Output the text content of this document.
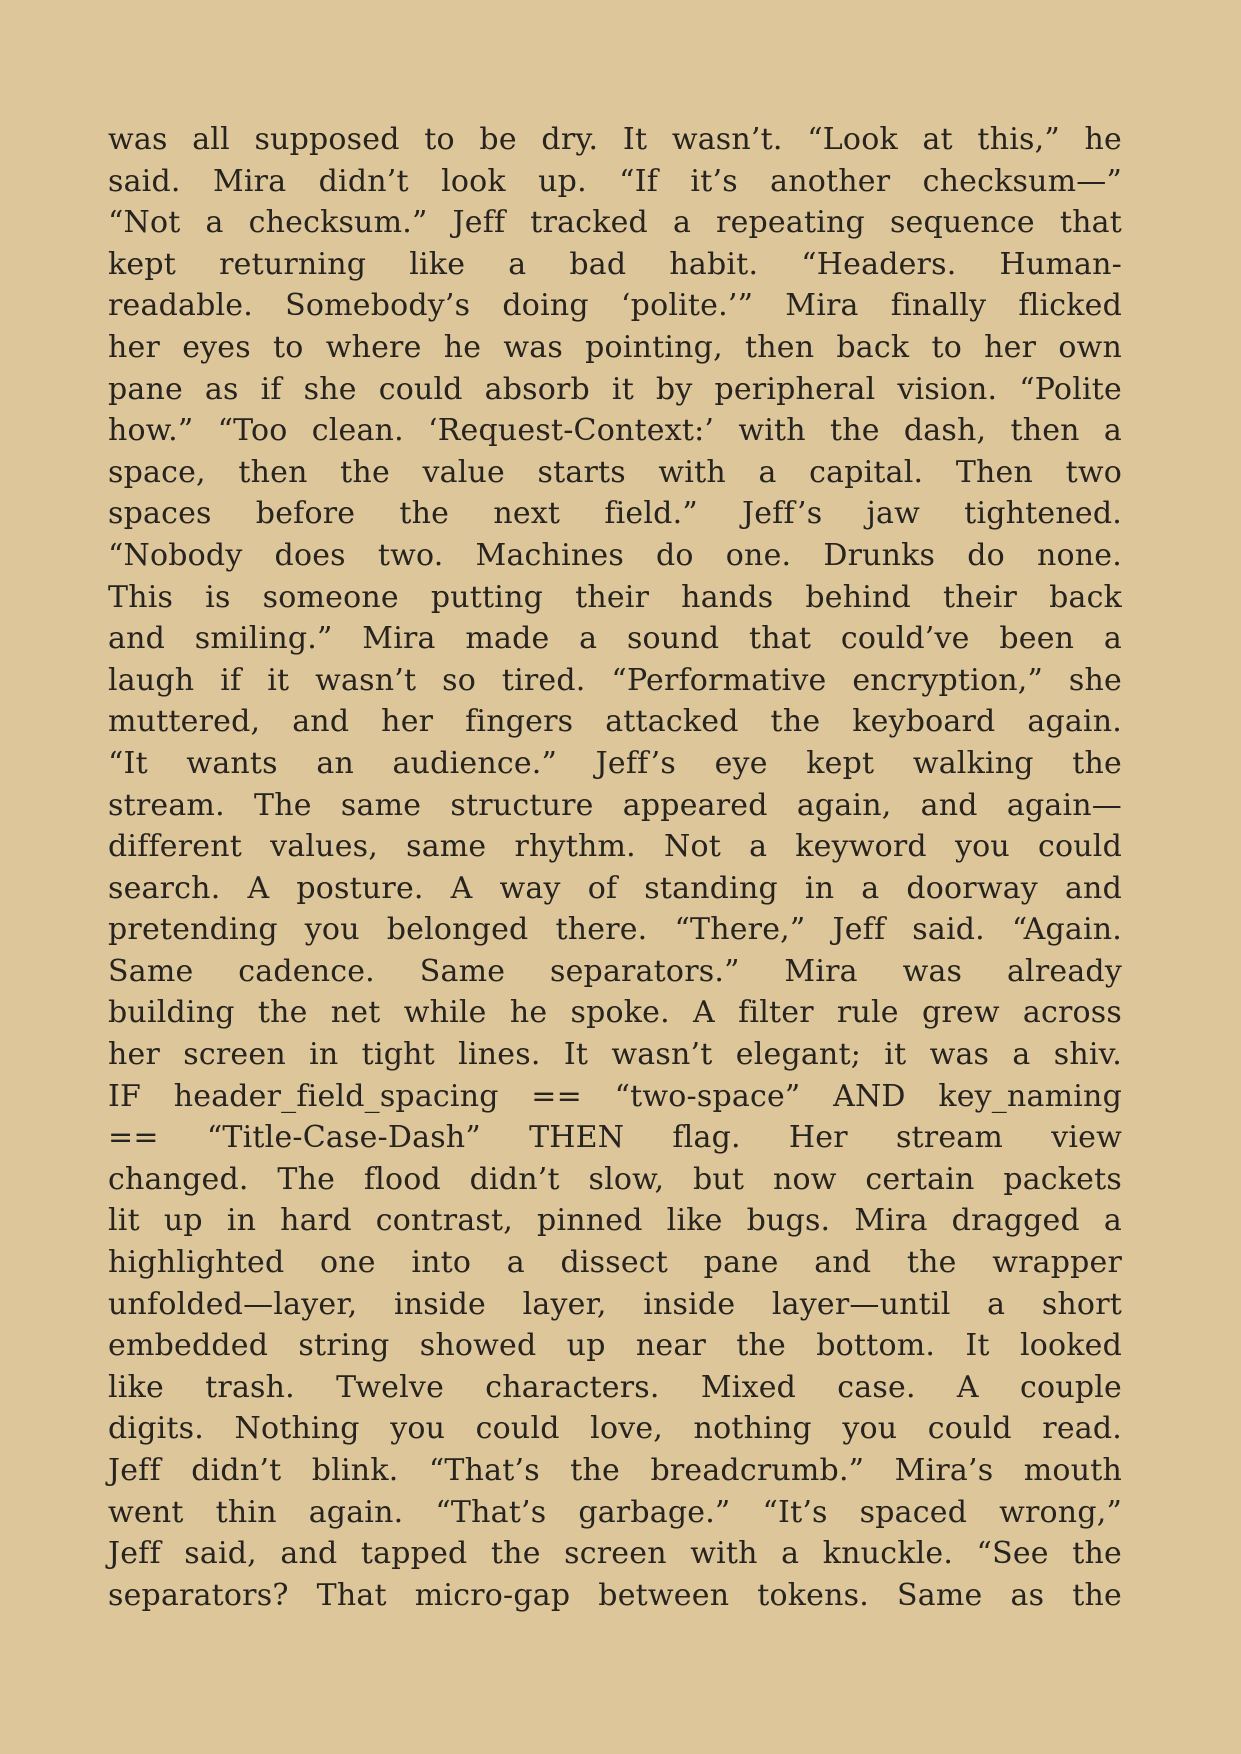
was all supposed to be dry. It wasn’t. “Look at this,” he
said. Mira didn’t look up. “If it’s another checksum—”
“Not a checksum.” Jeff tracked a repeating sequence that
kept returning like a bad habit. “Headers. Human-
readable. Somebody’s doing ‘polite.’” Mira finally flicked
her eyes to where he was pointing, then back to her own
pane as if she could absorb it by peripheral vision. “Polite
how.” “Too clean. ‘Request-Context:’ with the dash, then a
space, then the value starts with a capital. Then two
spaces before the next field.” Jeff’s jaw tightened.
“Nobody does two. Machines do one. Drunks do none.
This is someone putting their hands behind their back
and smiling.” Mira made a sound that could’ve been a
laugh if it wasn’t so tired. “Performative encryption,” she
muttered, and her fingers attacked the keyboard again.
“It wants an audience.” Jeff’s eye kept walking the
stream. The same structure appeared again, and again—
different values, same rhythm. Not a keyword you could
search. A posture. A way of standing in a doorway and
pretending you belonged there. “There,” Jeff said. “Again.
Same cadence. Same separators.” Mira was already
building the net while he spoke. A filter rule grew across
her screen in tight lines. It wasn’t elegant; it was a shiv.
IF header_field_spacing == “two-space” AND key_naming
== “Title-Case-Dash” THEN flag. Her stream view
changed. The flood didn’t slow, but now certain packets
lit up in hard contrast, pinned like bugs. Mira dragged a
highlighted one into a dissect pane and the wrapper
unfolded—layer, inside layer, inside layer—until a short
embedded string showed up near the bottom. It looked
like trash. Twelve characters. Mixed case. A couple
digits. Nothing you could love, nothing you could read.
Jeff didn’t blink. “That’s the breadcrumb.” Mira’s mouth
went thin again. “That’s garbage.” “It’s spaced wrong,”
Jeff said, and tapped the screen with a knuckle. “See the
separators? That micro-gap between tokens. Same as the
